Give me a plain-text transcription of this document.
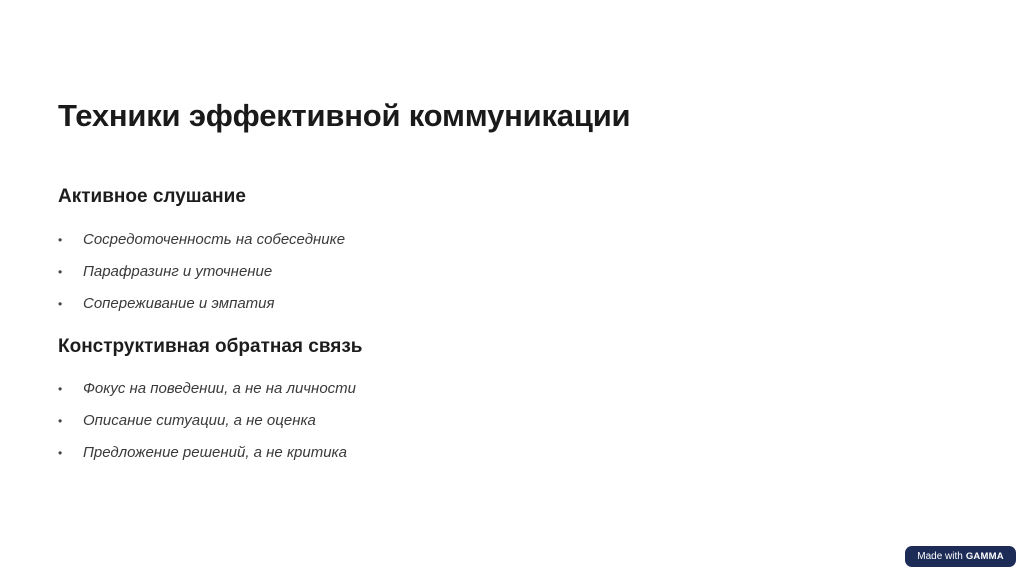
Техники эффективной коммуникации
Активное слушание
• Сосредоточенность на собеседнике
• Парафразинг и уточнение
• Сопереживание и эмпатия
Конструктивная обратная связь
• Фокус на поведении, а не на личности
• Описание ситуации, а не оценка
• Предложение решений, а не критика
Made with GAMMA
